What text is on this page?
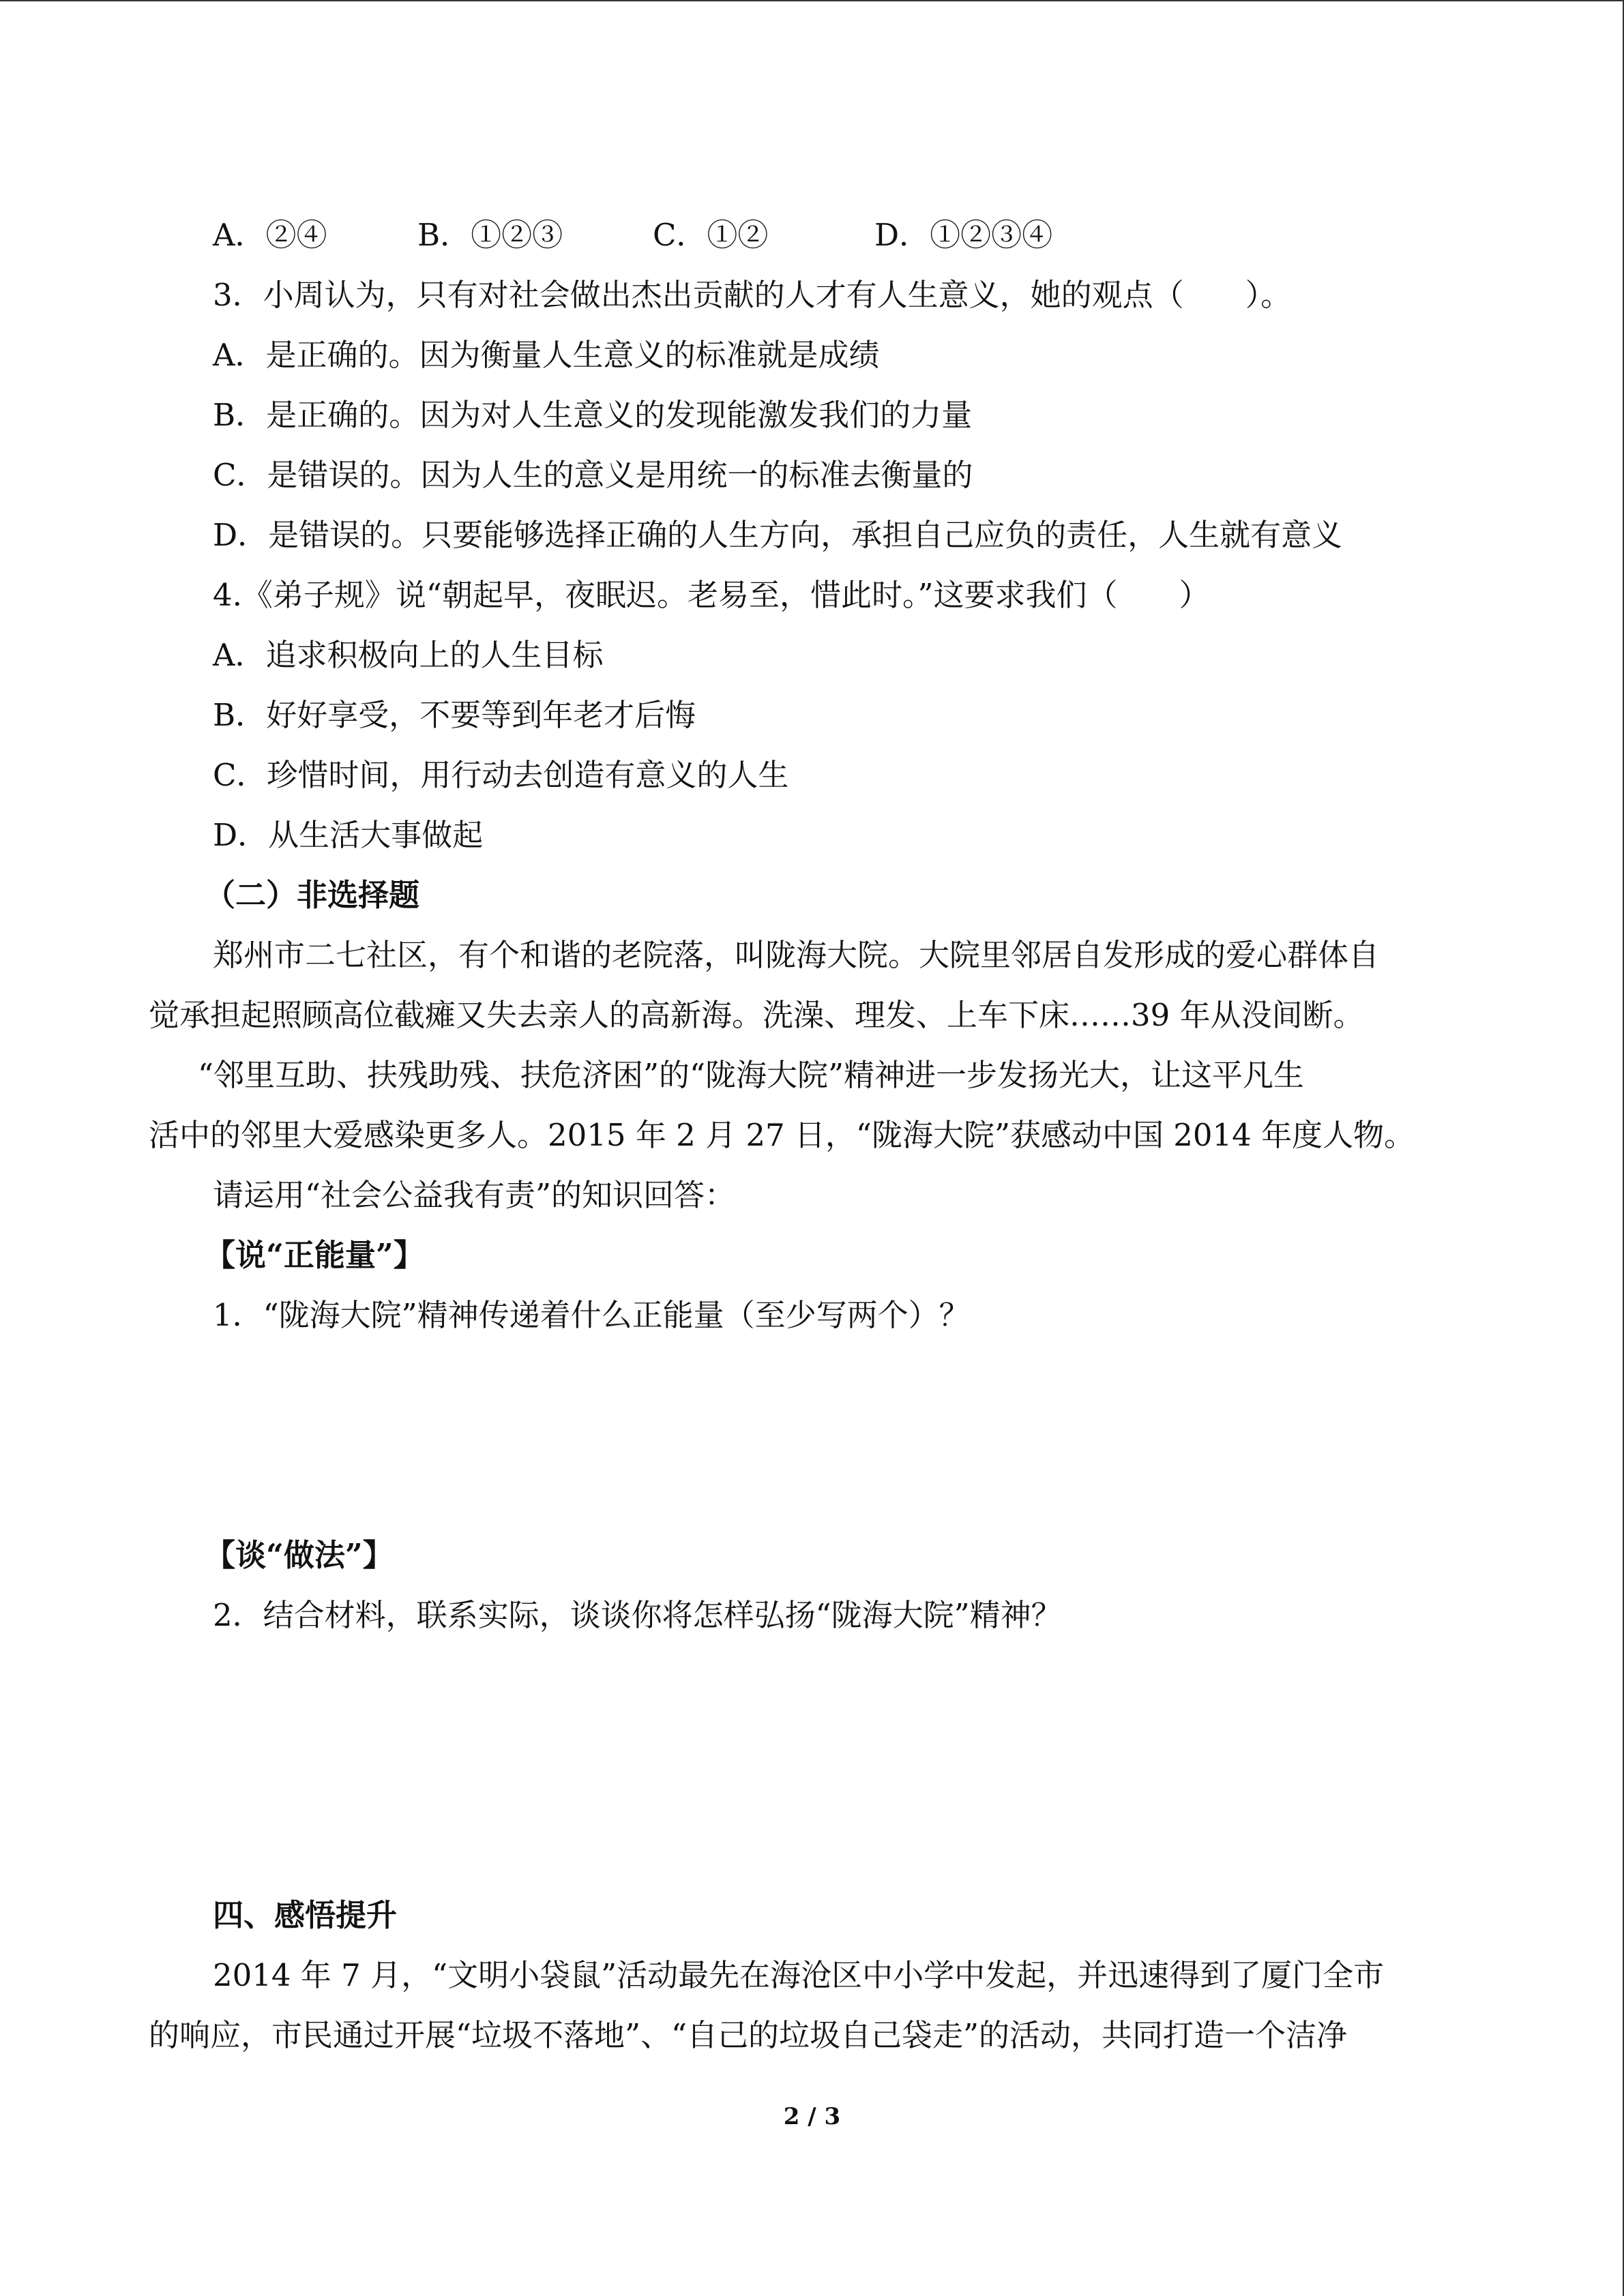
A．②④	B．①②③	C．①②	D．①②③④

3．小周认为，只有对社会做出杰出贡献的人才有人生意义，她的观点（　　）。

A．是正确的。因为衡量人生意义的标准就是成绩

B．是正确的。因为对人生意义的发现能激发我们的力量

C．是错误的。因为人生的意义是用统一的标准去衡量的

D．是错误的。只要能够选择正确的人生方向，承担自己应负的责任，人生就有意义

4.《弟子规》说“朝起早，夜眠迟。老易至，惜此时。”这要求我们（　　）

A．追求积极向上的人生目标

B．好好享受，不要等到年老才后悔

C．珍惜时间，用行动去创造有意义的人生

D．从生活大事做起

（二）非选择题

郑州市二七社区，有个和谐的老院落，叫陇海大院。大院里邻居自发形成的爱心群体自

觉承担起照顾高位截瘫又失去亲人的高新海。洗澡、理发、上车下床……39 年从没间断。

“邻里互助、扶残助残、扶危济困”的“陇海大院”精神进一步发扬光大，让这平凡生

活中的邻里大爱感染更多人。2015 年 2 月 27 日，“陇海大院”获感动中国 2014 年度人物。

请运用“社会公益我有责”的知识回答：

【说“正能量”】

1．“陇海大院”精神传递着什么正能量（至少写两个）？

【谈“做法”】

2．结合材料，联系实际，谈谈你将怎样弘扬“陇海大院”精神？

四、感悟提升

2014 年 7 月，“文明小袋鼠”活动最先在海沧区中小学中发起，并迅速得到了厦门全市

的响应，市民通过开展“垃圾不落地”、“自己的垃圾自己袋走”的活动，共同打造一个洁净

2 / 3
